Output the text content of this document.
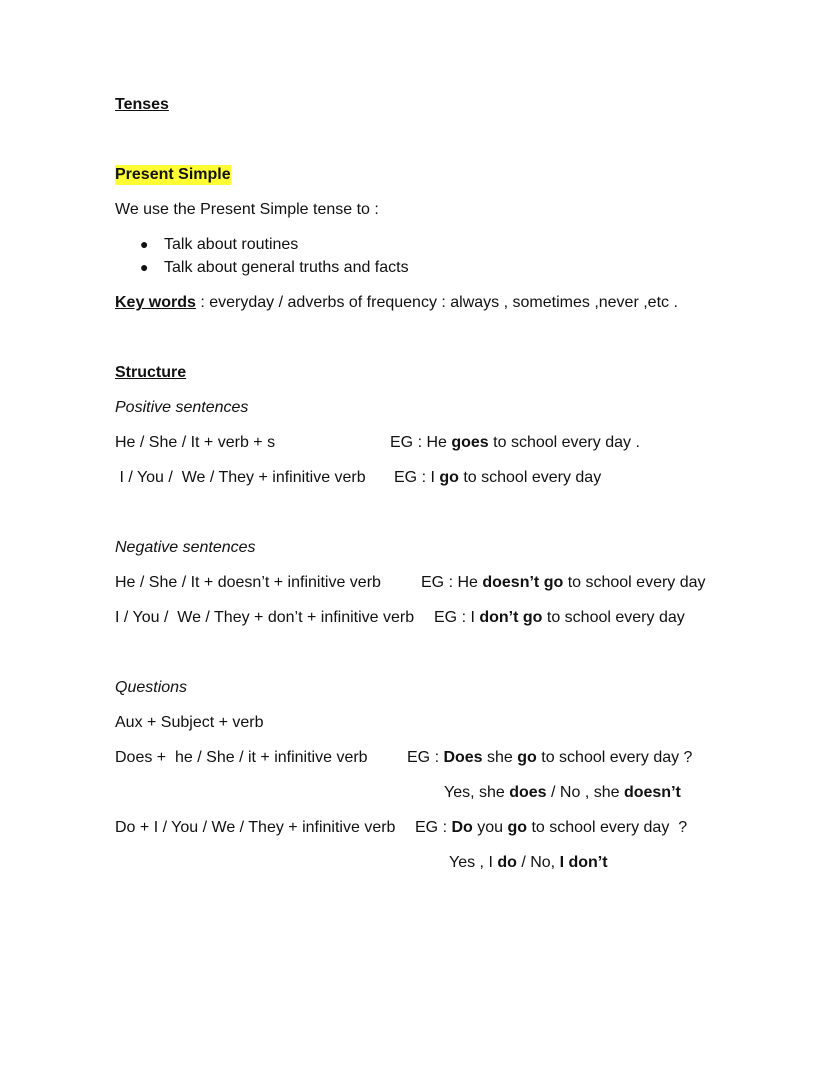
Tenses
Present Simple
We use the Present Simple tense to :
● Talk about routines
● Talk about general truths and facts
Key words : everyday / adverbs of frequency : always , sometimes ,never ,etc .
Structure
Positive sentences
Negative sentences
Questions
Aux + Subject + verb
He / She / It + verb + s	EG : He goes to school every day .
I / You /  We / They + infinitive verb EG : I go to school every day
He / She / It + doesn’t + infinitive verb	EG : He doesn’t go to school every day
I / You /  We / They + don’t + infinitive verb EG : I don’t go to school every day
Does +  he / She / it + infinitive verb EG : Does she go to school every day ?
Yes, she does / No , she doesn’t
Do + I / You / We / They + infinitive verb EG : Do you go to school every day  ?
Yes , I do / No, I don’t
